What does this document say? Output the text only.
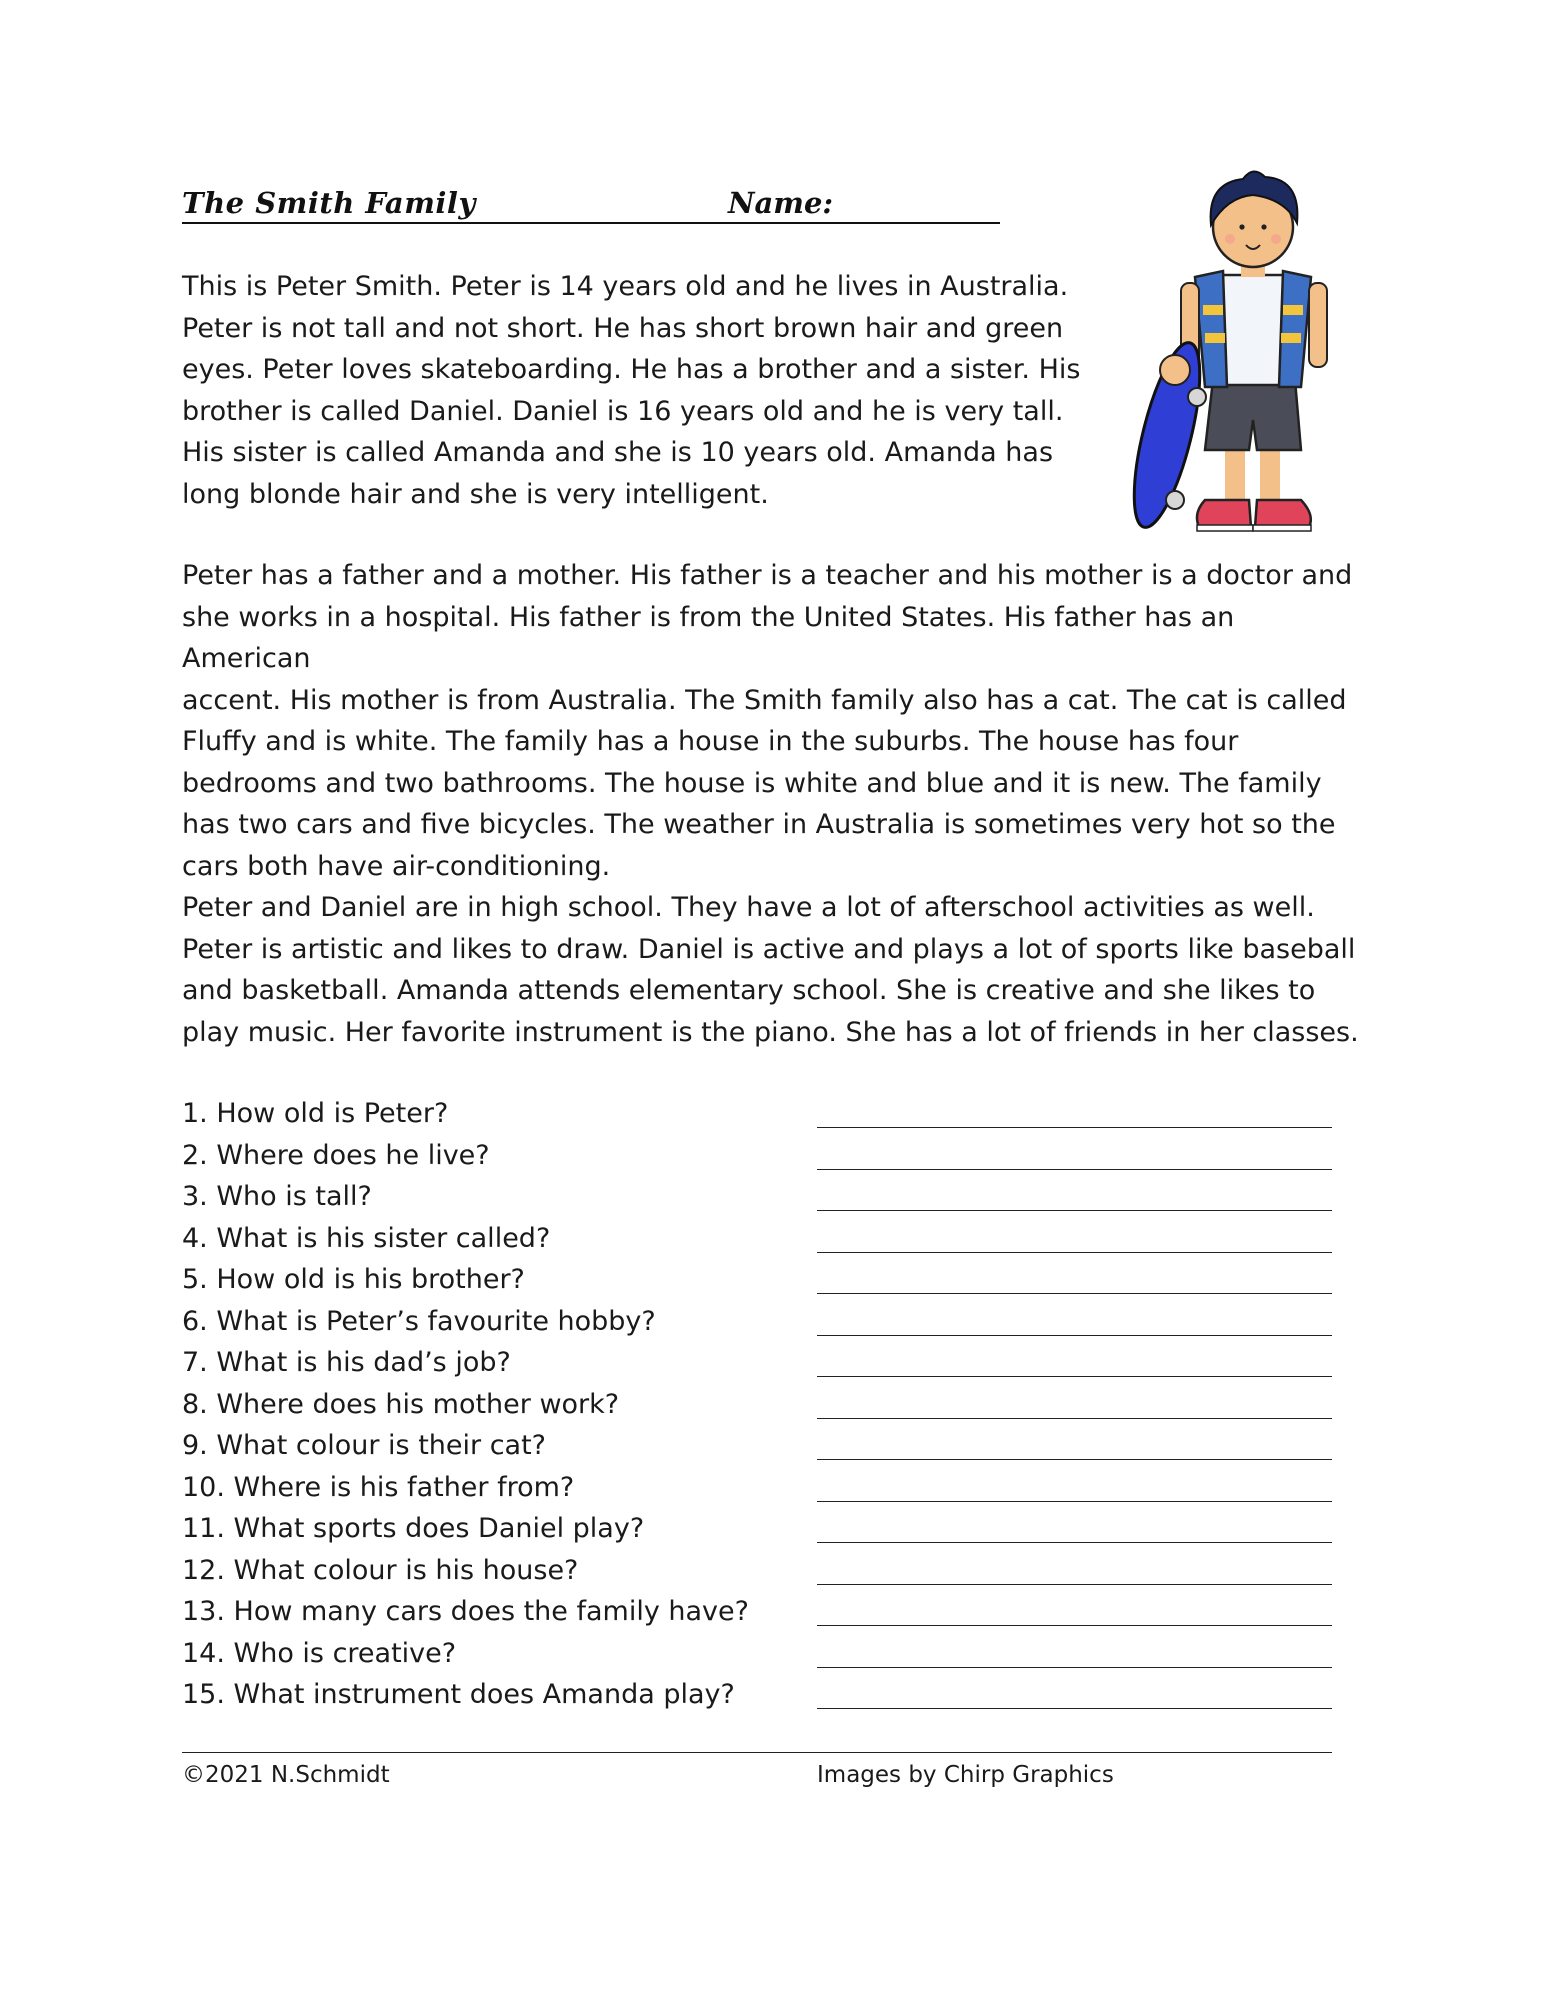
The Smith Family	Name:

This is Peter Smith. Peter is 14 years old and he lives in Australia.
Peter is not tall and not short. He has short brown hair and green
eyes. Peter loves skateboarding. He has a brother and a sister. His
brother is called Daniel. Daniel is 16 years old and he is very tall.
His sister is called Amanda and she is 10 years old. Amanda has
long blonde hair and she is very intelligent.

Peter has a father and a mother. His father is a teacher and his mother is a doctor and
she works in a hospital. His father is from the United States. His father has an American
accent. His mother is from Australia. The Smith family also has a cat. The cat is called
Fluffy and is white. The family has a house in the suburbs. The house has four
bedrooms and two bathrooms. The house is white and blue and it is new. The family
has two cars and five bicycles. The weather in Australia is sometimes very hot so the
cars both have air-conditioning.

Peter and Daniel are in high school. They have a lot of afterschool activities as well.
Peter is artistic and likes to draw. Daniel is active and plays a lot of sports like baseball
and basketball. Amanda attends elementary school. She is creative and she likes to
play music. Her favorite instrument is the piano. She has a lot of friends in her classes.

1. How old is Peter?
2. Where does he live?
3. Who is tall?
4. What is his sister called?
5. How old is his brother?
6. What is Peter’s favourite hobby?
7. What is his dad’s job?
8. Where does his mother work?
9. What colour is their cat?
10. Where is his father from?
11. What sports does Daniel play?
12. What colour is his house?
13. How many cars does the family have?
14. Who is creative?
15. What instrument does Amanda play?
©2021 N.Schmidt	Images by Chirp Graphics
